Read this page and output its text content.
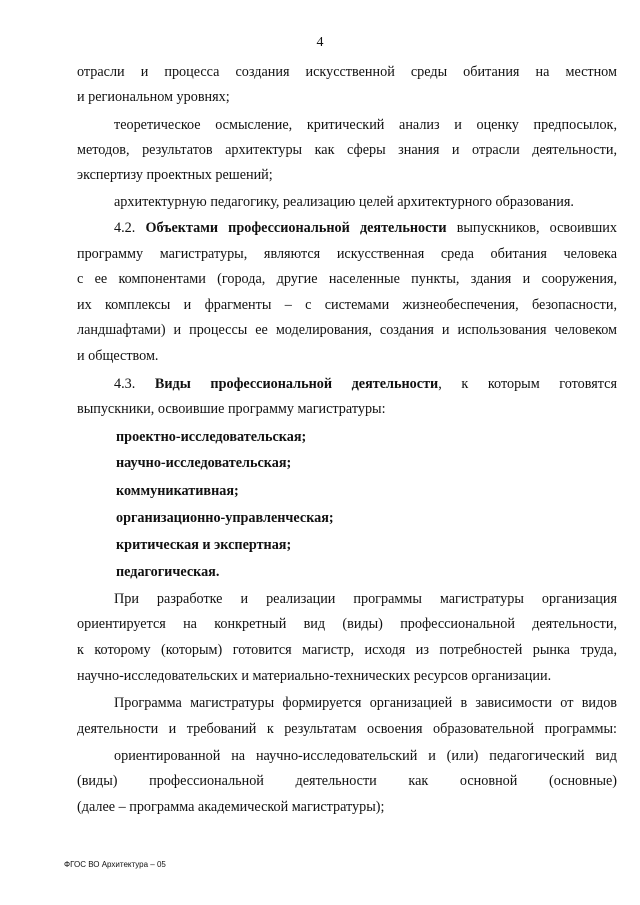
4
отрасли и процесса создания искусственной среды обитания на местном
и региональном уровнях;
теоретическое осмысление, критический анализ и оценку предпосылок,
методов, результатов архитектуры как сферы знания и отрасли деятельности,
экспертизу проектных решений;
архитектурную педагогику, реализацию целей архитектурного образования.
4.2. Объектами профессиональной деятельности выпускников, освоивших
программу магистратуры, являются искусственная среда обитания человека
с ее компонентами (города, другие населенные пункты, здания и сооружения,
их комплексы и фрагменты – с системами жизнеобеспечения, безопасности,
ландшафтами) и процессы ее моделирования, создания и использования человеком
и обществом.
4.3. Виды профессиональной деятельности, к которым готовятся
выпускники, освоившие программу магистратуры:
проектно-исследовательская;
научно-исследовательская;
коммуникативная;
организационно-управленческая;
критическая и экспертная;
педагогическая.
При разработке и реализации программы магистратуры организация
ориентируется на конкретный вид (виды) профессиональной деятельности,
к которому (которым) готовится магистр, исходя из потребностей рынка труда,
научно-исследовательских и материально-технических ресурсов организации.
Программа магистратуры формируется организацией в зависимости от видов
деятельности и требований к результатам освоения образовательной программы:
ориентированной на научно-исследовательский и (или) педагогический вид
(виды) профессиональной деятельности как основной (основные)
(далее – программа академической магистратуры);
ФГОС ВО Архитектура – 05
